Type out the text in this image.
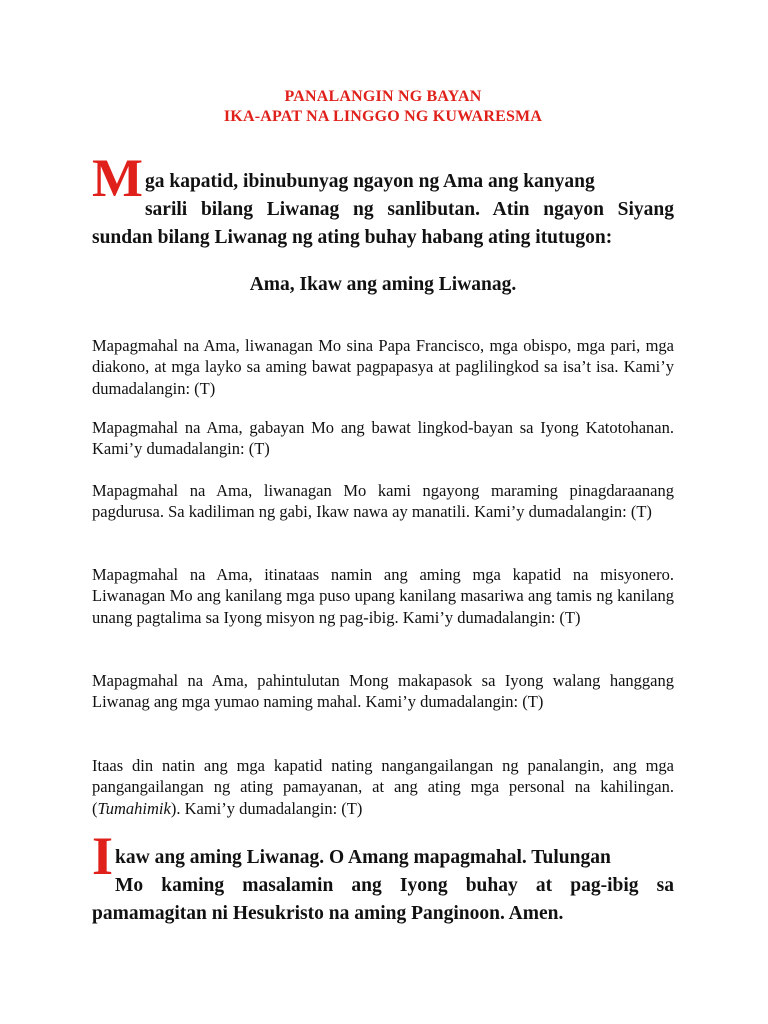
PANALANGIN NG BAYAN
IKA-APAT NA LINGGO NG KUWARESMA
M ga kapatid, ibinubunyag ngayon ng Ama ang kanyang
sarili bilang Liwanag ng sanlibutan. Atin ngayon Siyang sundan bilang Liwanag ng ating buhay habang ating itutugon:
Ama, Ikaw ang aming Liwanag.

Mapagmahal na Ama, liwanagan Mo sina Papa Francisco, mga obispo, mga pari, mga diakono, at mga layko sa aming bawat pagpapasya at paglilingkod sa isa’t isa. Kami’y dumadalangin: (T)

Mapagmahal na Ama, gabayan Mo ang bawat lingkod-bayan sa Iyong Katotohanan. Kami’y dumadalangin: (T)

Mapagmahal na Ama, liwanagan Mo kami ngayong maraming pinagdaraanang pagdurusa. Sa kadiliman ng gabi, Ikaw nawa ay manatili. Kami’y dumadalangin: (T)

Mapagmahal na Ama, itinataas namin ang aming mga kapatid na misyonero. Liwanagan Mo ang kanilang mga puso upang kanilang masariwa ang tamis ng kanilang unang pagtalima sa Iyong misyon ng pag-ibig. Kami’y dumadalangin: (T)

Mapagmahal na Ama, pahintulutan Mong makapasok sa Iyong walang hanggang Liwanag ang mga yumao naming mahal. Kami’y dumadalangin: (T)

Itaas din natin ang mga kapatid nating nangangailangan ng panalangin, ang mga pangangailangan ng ating pamayanan, at ang ating mga personal na kahilingan. (Tumahimik). Kami’y dumadalangin: (T)

I kaw ang aming Liwanag. O Amang mapagmahal. Tulungan
Mo kaming masalamin ang Iyong buhay at pag-ibig sa pamamagitan ni Hesukristo na aming Panginoon. Amen.
